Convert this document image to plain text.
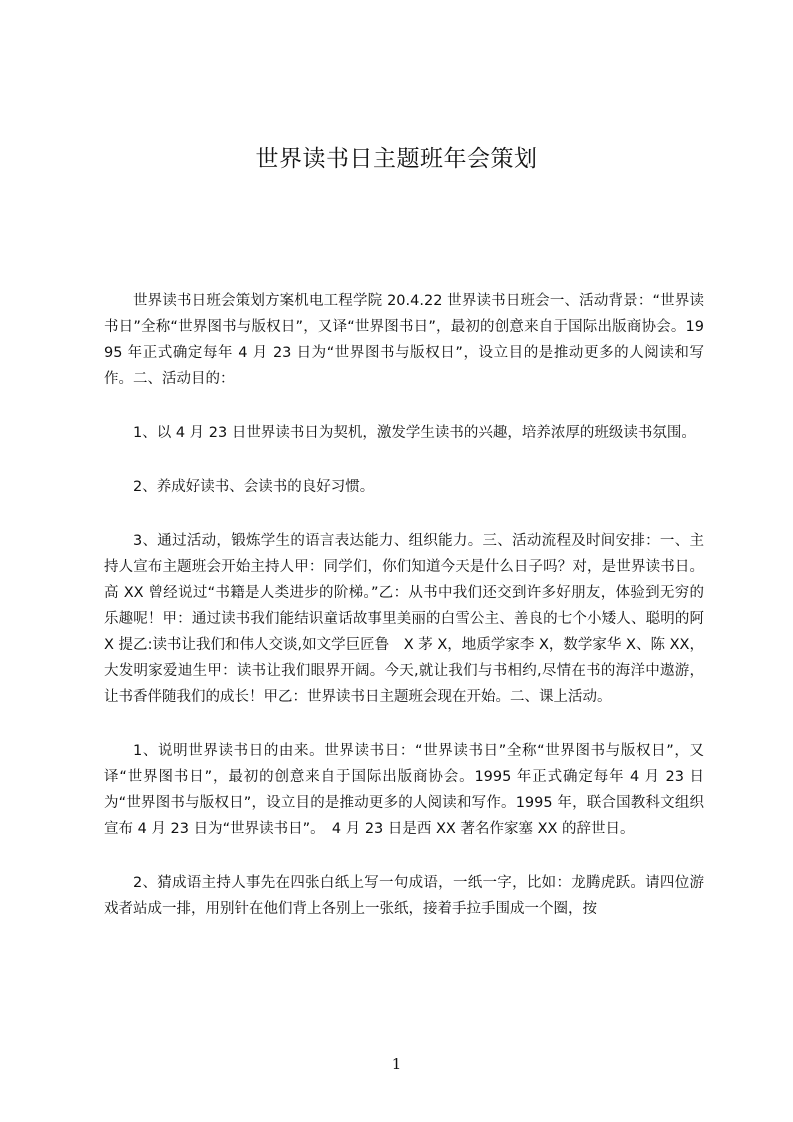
世界读书日主题班年会策划

世界读书日班会策划方案机电工程学院 20.4.22 世界读书日班会一、活动背景：“世界读书日”全称“世界图书与版权日”，又译“世界图书日”，最初的创意来自于国际出版商协会。1995 年正式确定每年 4 月 23 日为“世界图书与版权日”，设立目的是推动更多的人阅读和写作。二、活动目的：

1、以 4 月 23 日世界读书日为契机，激发学生读书的兴趣，培养浓厚的班级读书氛围。

2、养成好读书、会读书的良好习惯。

3、通过活动，锻炼学生的语言表达能力、组织能力。三、活动流程及时间安排：一、主持人宣布主题班会开始主持人甲：同学们，你们知道今天是什么日子吗？对，是世界读书日。高 XX 曾经说过“书籍是人类进步的阶梯。”乙：从书中我们还交到许多好朋友，体验到无穷的乐趣呢！甲：通过读书我们能结识童话故事里美丽的白雪公主、善良的七个小矮人、聪明的阿 X 提乙:读书让我们和伟人交谈,如文学巨匠鲁　X 茅 X，地质学家李 X，数学家华 X、陈 XX，大发明家爱迪生甲：读书让我们眼界开阔。今天,就让我们与书相约,尽情在书的海洋中遨游，让书香伴随我们的成长！甲乙：世界读书日主题班会现在开始。二、课上活动。

1、说明世界读书日的由来。世界读书日：“世界读书日”全称“世界图书与版权日”，又译“世界图书日”，最初的创意来自于国际出版商协会。1995 年正式确定每年 4 月 23 日为“世界图书与版权日”，设立目的是推动更多的人阅读和写作。1995 年，联合国教科文组织宣布 4 月 23 日为“世界读书日”。　4 月 23 日是西 XX 著名作家塞 XX 的辞世日。

2、猜成语主持人事先在四张白纸上写一句成语，一纸一字，比如：龙腾虎跃。请四位游戏者站成一排，用别针在他们背上各别上一张纸，接着手拉手围成一个圈，按

1
